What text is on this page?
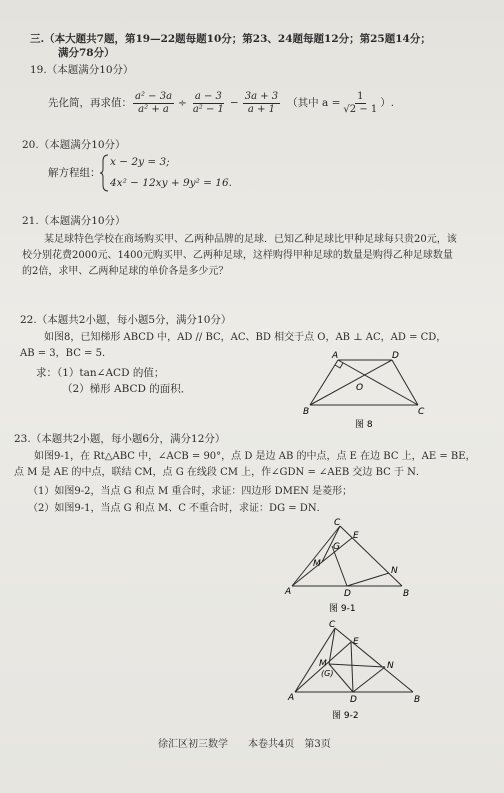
三.（本大题共7题，第19—22题每题10分；第23、24题每题12分；第25题14分；
满分78分）
19.（本题满分10分）
先化简，再求值： $\frac{\text{a² − 3a}}{\text{a² + a}} \div \frac{a - 3}{\text{a² − 1}} - \frac{3a + 3}{a + 1}$ （其中 $a = \frac{1}{√2 - 1}$ ）.
20.（本题满分10分）
解方程组：
x − 2y = 3;
4x² − 12xy + 9y² = 16.
21.（本题满分10分）
某足球特色学校在商场购买甲、乙两种品牌的足球．已知乙种足球比甲种足球每只贵20元，该
校分别花费2000元、1400元购买甲、乙两种足球，这样购得甲种足球的数量是购得乙种足球数量
的2倍，求甲、乙两种足球的单价各是多少元？
22.（本题共2小题，每小题5分，满分10分）
如图8，已知梯形 ABCD 中，AD // BC，AC、BD 相交于点 O，AB ⊥ AC，AD = CD，
AB = 3，BC = 5．
求：（1）tan∠ACD 的值；
（2）梯形 ABCD 的面积．
A	D
O
B	C
图 8
23.（本题共2小题，每小题6分，满分12分）
如图9-1，在 Rt△ABC 中，∠ACB = 90°，点 D 是边 AB 的中点，点 E 在边 BC 上，AE = BE，
点 M 是 AE 的中点，联结 CM，点 G 在线段 CM 上，作∠GDN = ∠AEB 交边 BC 于 N．
（1）如图9-2，当点 G 和点 M 重合时，求证：四边形 DMEN 是菱形；
（2）如图9-1，当点 G 和点 M、C 不重合时，求证：DG = DN．
C
E
G
M
N
A	D	B
图 9-1
C
E
M
(G)
N
A	D	B
图 9-2
徐汇区初三数学　　本卷共4页　第3页
